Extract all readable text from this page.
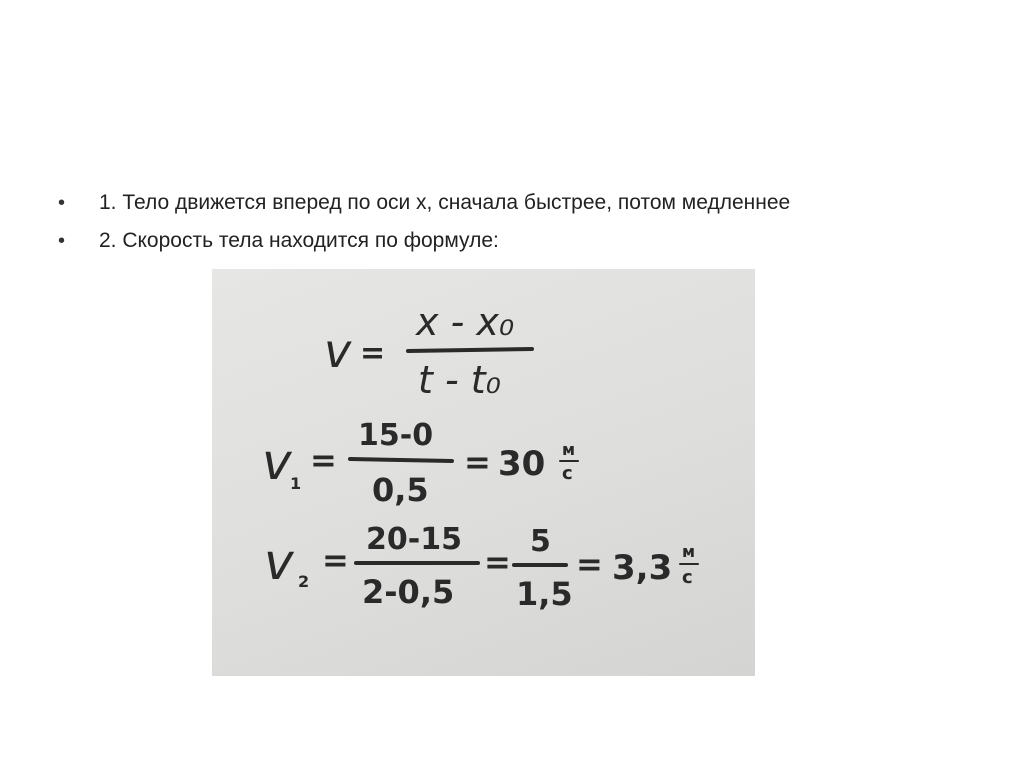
•	1. Тело движется вперед по оси x, сначала быстрее, потом медленнее
•	2. Скорость тела находится по формуле:
v =
x - x₀
t - t₀
v
1
=
15-0
0,5
= 30 м
с
v 2
=
20-15
2-0,5
=
5
1,5
= 3,3 м
с
